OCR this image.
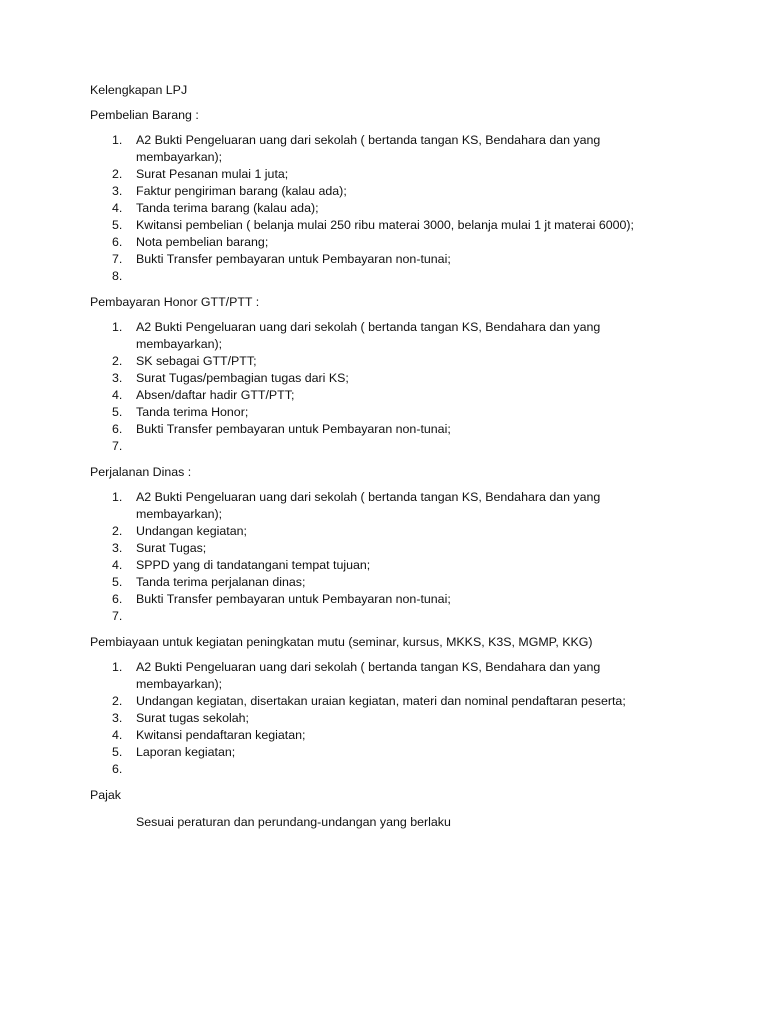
Kelengkapan LPJ

Pembelian Barang :

1. A2 Bukti Pengeluaran uang dari sekolah ( bertanda tangan KS, Bendahara dan yang membayarkan);
2. Surat Pesanan mulai 1 juta;
3. Faktur pengiriman barang (kalau ada);
4. Tanda terima barang (kalau ada);
5. Kwitansi pembelian ( belanja mulai 250 ribu materai 3000, belanja mulai 1 jt materai 6000);
6. Nota pembelian barang;
7. Bukti Transfer pembayaran untuk Pembayaran non-tunai;
8.

Pembayaran Honor GTT/PTT :

1. A2 Bukti Pengeluaran uang dari sekolah ( bertanda tangan KS, Bendahara dan yang membayarkan);
2. SK sebagai GTT/PTT;
3. Surat Tugas/pembagian tugas dari KS;
4. Absen/daftar hadir GTT/PTT;
5. Tanda terima Honor;
6. Bukti Transfer pembayaran untuk Pembayaran non-tunai;
7.

Perjalanan Dinas :

1. A2 Bukti Pengeluaran uang dari sekolah ( bertanda tangan KS, Bendahara dan yang membayarkan);
2. Undangan kegiatan;
3. Surat Tugas;
4. SPPD yang di tandatangani tempat tujuan;
5. Tanda terima perjalanan dinas;
6. Bukti Transfer pembayaran untuk Pembayaran non-tunai;
7.

Pembiayaan untuk kegiatan peningkatan mutu (seminar, kursus, MKKS, K3S, MGMP, KKG)

1. A2 Bukti Pengeluaran uang dari sekolah ( bertanda tangan KS, Bendahara dan yang membayarkan);
2. Undangan kegiatan, disertakan uraian kegiatan, materi dan nominal pendaftaran peserta;
3. Surat tugas sekolah;
4. Kwitansi pendaftaran kegiatan;
5. Laporan kegiatan;
6.

Pajak

Sesuai peraturan dan perundang-undangan yang berlaku
